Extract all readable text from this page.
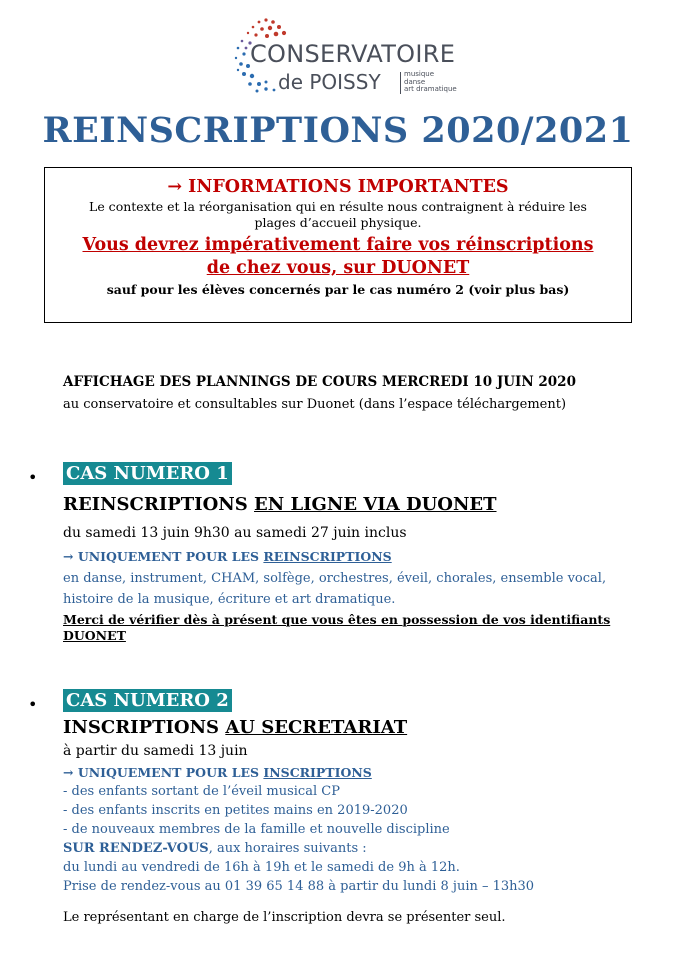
CONSERVATOIRE
de POISSY	musique
danse
art dramatique
REINSCRIPTIONS 2020/2021
→ INFORMATIONS IMPORTANTES
Le contexte et la réorganisation qui en résulte nous contraignent à réduire les plages d’accueil physique.
Vous devrez impérativement faire vos réinscriptions
de chez vous, sur DUONET
sauf pour les élèves concernés par le cas numéro 2 (voir plus bas)
AFFICHAGE DES PLANNINGS DE COURS MERCREDI 10 JUIN 2020
au conservatoire et consultables sur Duonet (dans l’espace téléchargement)
• CAS NUMERO 1
REINSCRIPTIONS EN LIGNE VIA DUONET
du samedi 13 juin 9h30 au samedi 27 juin inclus
→ UNIQUEMENT POUR LES REINSCRIPTIONS
en danse, instrument, CHAM, solfège, orchestres, éveil, chorales, ensemble vocal,
histoire de la musique, écriture et art dramatique.
Merci de vérifier dès à présent que vous êtes en possession de vos identifiants DUONET
• CAS NUMERO 2
INSCRIPTIONS AU SECRETARIAT
à partir du samedi 13 juin
→ UNIQUEMENT POUR LES INSCRIPTIONS
- des enfants sortant de l’éveil musical CP
- des enfants inscrits en petites mains en 2019-2020
- de nouveaux membres de la famille et nouvelle discipline
SUR RENDEZ-VOUS, aux horaires suivants :
du lundi au vendredi de 16h à 19h et le samedi de 9h à 12h.
Prise de rendez-vous au 01 39 65 14 88 à partir du lundi 8 juin – 13h30
Le représentant en charge de l’inscription devra se présenter seul.
